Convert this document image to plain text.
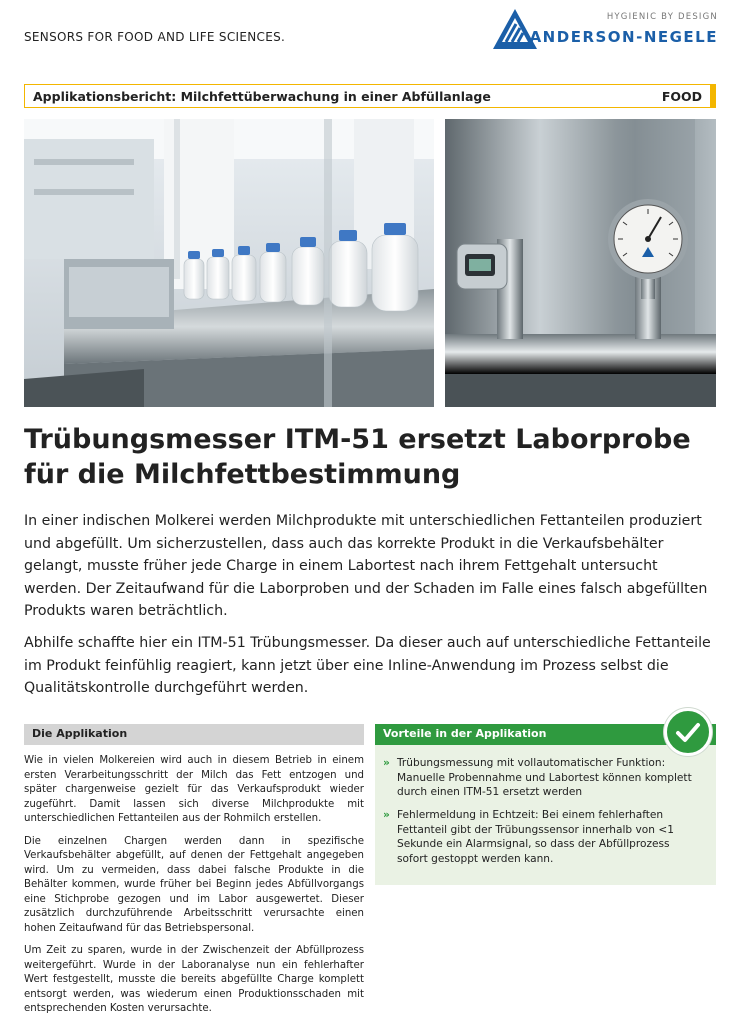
SENSORS FOR FOOD AND LIFE SCIENCES.
HYGIENIC BY DESIGN
ANDERSON-NEGELE
Applikationsbericht: Milchfettüberwachung in einer Abfüllanlage	FOOD
Trübungsmesser ITM-51 ersetzt Laborprobe für die Milchfettbestimmung

In einer indischen Molkerei werden Milchprodukte mit unterschiedlichen Fettanteilen produziert und abgefüllt. Um sicherzustellen, dass auch das korrekte Produkt in die Verkaufsbehälter gelangt, musste früher jede Charge in einem Labortest nach ihrem Fettgehalt untersucht werden. Der Zeitaufwand für die Laborproben und der Schaden im Falle eines falsch abgefüllten Produkts waren beträchtlich.

Abhilfe schaffte hier ein ITM-51 Trübungsmesser. Da dieser auch auf unterschiedliche Fettanteile im Produkt feinfühlig reagiert, kann jetzt über eine Inline-Anwendung im Prozess selbst die Qualitätskontrolle durchgeführt werden.

Die Applikation	Vorteile in der Applikation

Wie in vielen Molkereien wird auch in diesem Betrieb in einem ersten Verarbeitungsschritt der Milch das Fett entzogen und später chargenweise gezielt für das Verkaufsprodukt wieder zugeführt. Damit lassen sich diverse Milchprodukte mit unterschiedlichen Fettanteilen aus der Rohmilch erstellen.

Die einzelnen Chargen werden dann in spezifische Verkaufsbehälter abgefüllt, auf denen der Fettgehalt angegeben wird. Um zu vermeiden, dass dabei falsche Produkte in die Behälter kommen, wurde früher bei Beginn jedes Abfüllvorgangs eine Stichprobe gezogen und im Labor ausgewertet. Dieser zusätzlich durchzuführende Arbeitsschritt verursachte einen hohen Zeitaufwand für das Betriebspersonal.

Um Zeit zu sparen, wurde in der Zwischenzeit der Abfüllprozess weitergeführt. Wurde in der Laboranalyse nun ein fehlerhafter Wert festgestellt, musste die bereits abgefüllte Charge komplett entsorgt werden, was wiederum einen Produktionsschaden mit entsprechenden Kosten verursachte.

» Trübungsmessung mit vollautomatischer Funktion: Manuelle Probennahme und Labortest können komplett durch einen ITM-51 ersetzt werden
» Fehlermeldung in Echtzeit: Bei einem fehlerhaften Fettanteil gibt der Trübungssensor innerhalb von <1 Sekunde ein Alarmsignal, so dass der Abfüllprozess sofort gestoppt werden kann.
